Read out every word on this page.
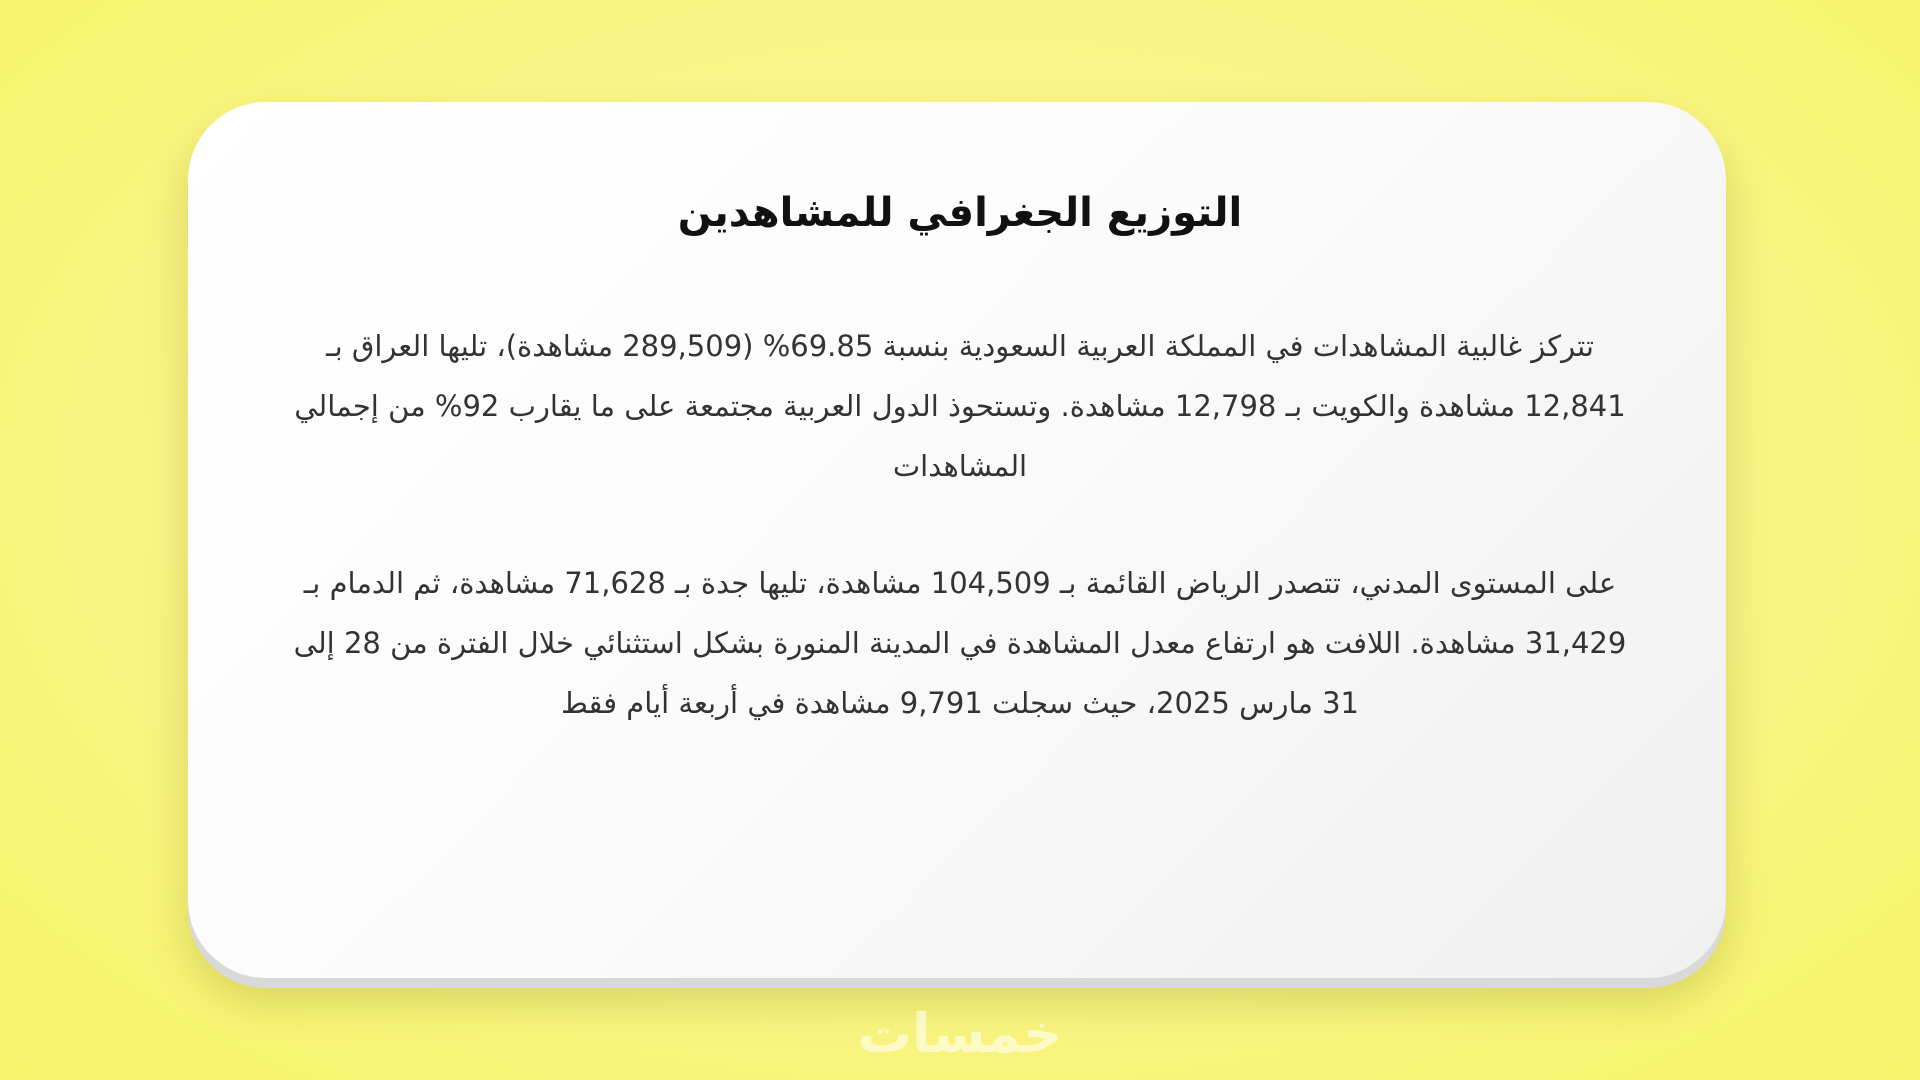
التوزيع الجغرافي للمشاهدين

تتركز غالبية المشاهدات في المملكة العربية السعودية بنسبة 69.85% (289,509 مشاهدة)، تليها العراق بـ 12,841 مشاهدة والكويت بـ 12,798 مشاهدة. وتستحوذ الدول العربية مجتمعة على ما يقارب 92% من إجمالي المشاهدات

على المستوى المدني، تتصدر الرياض القائمة بـ 104,509 مشاهدة، تليها جدة بـ 71,628 مشاهدة، ثم الدمام بـ 31,429 مشاهدة. اللافت هو ارتفاع معدل المشاهدة في المدينة المنورة بشكل استثنائي خلال الفترة من 28 إلى 31 مارس 2025، حيث سجلت 9,791 مشاهدة في أربعة أيام فقط

خمسات
